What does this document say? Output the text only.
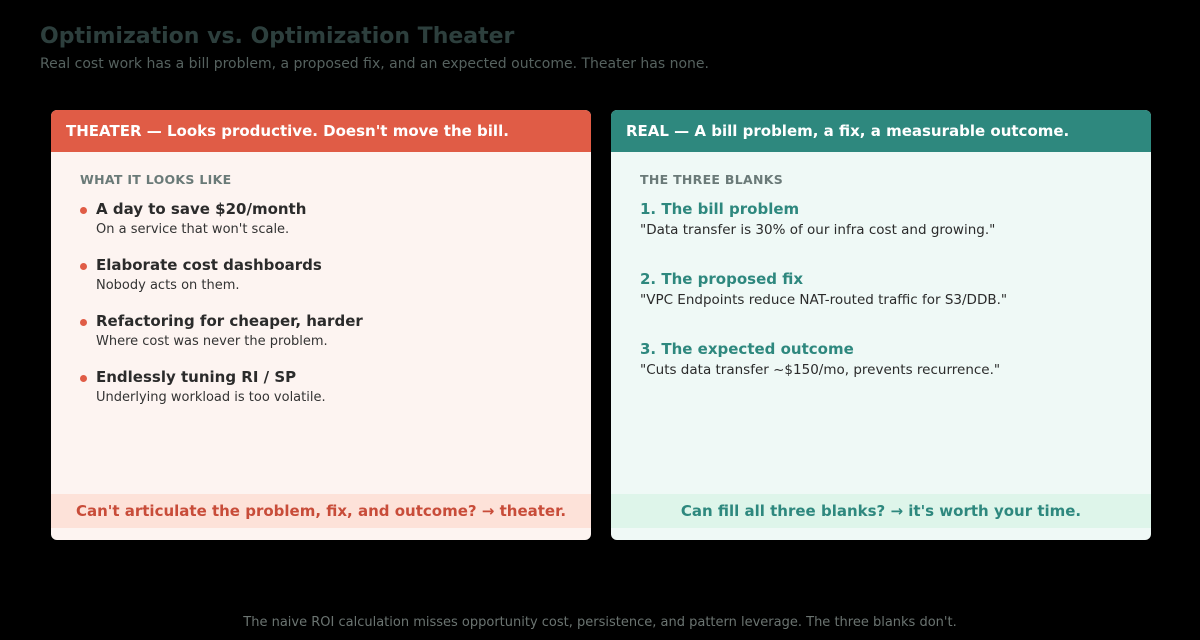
Optimization vs. Optimization Theater
Real cost work has a bill problem, a proposed fix, and an expected outcome. Theater has none.
THEATER — Looks productive. Doesn't move the bill.
WHAT IT LOOKS LIKE
A day to save $20/month
On a service that won't scale.
Elaborate cost dashboards
Nobody acts on them.
Refactoring for cheaper, harder
Where cost was never the problem.
Endlessly tuning RI / SP
Underlying workload is too volatile.
Can't articulate the problem, fix, and outcome? → theater.
REAL — A bill problem, a fix, a measurable outcome.
THE THREE BLANKS
1. The bill problem
"Data transfer is 30% of our infra cost and growing."
2. The proposed fix
"VPC Endpoints reduce NAT-routed traffic for S3/DDB."
3. The expected outcome
"Cuts data transfer ~$150/mo, prevents recurrence."
Can fill all three blanks? → it's worth your time.
The naive ROI calculation misses opportunity cost, persistence, and pattern leverage. The three blanks don't.
